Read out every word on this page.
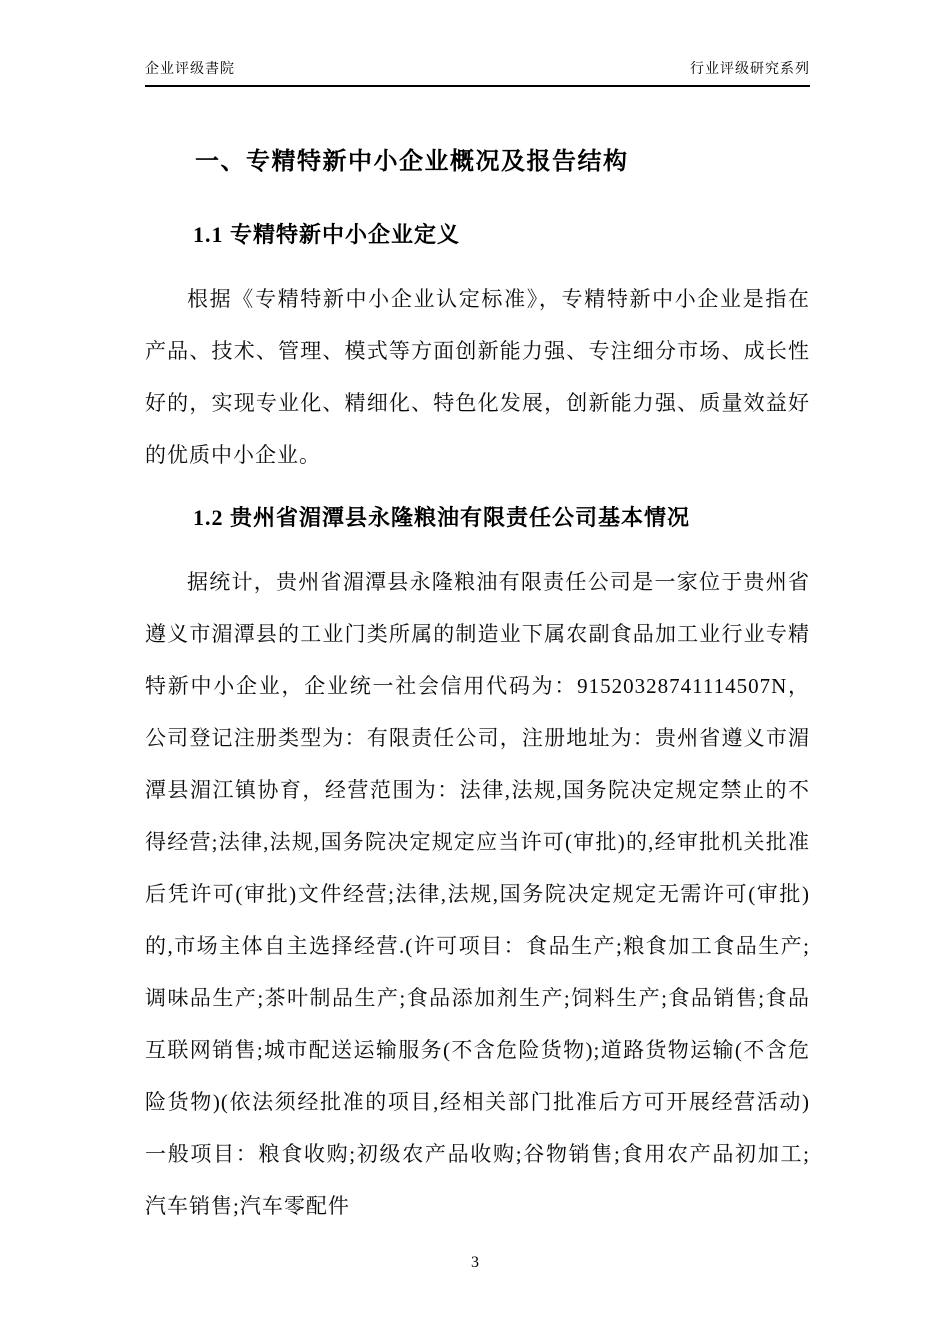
企业评级書院	行业评级研究系列
一、专精特新中小企业概况及报告结构
1.1 专精特新中小企业定义

根据《专精特新中小企业认定标准》，专精特新中小企业是指在产品、技术、管理、模式等方面创新能力强、专注细分市场、成长性好的，实现专业化、精细化、特色化发展，创新能力强、质量效益好的优质中小企业。

1.2 贵州省湄潭县永隆粮油有限责任公司基本情况

据统计，贵州省湄潭县永隆粮油有限责任公司是一家位于贵州省遵义市湄潭县的工业门类所属的制造业下属农副食品加工业行业专精特新中小企业，企业统一社会信用代码为：91520328741114507N，公司登记注册类型为：有限责任公司，注册地址为：贵州省遵义市湄潭县湄江镇协育，经营范围为：法律,法规,国务院决定规定禁止的不得经营;法律,法规,国务院决定规定应当许可(审批)的,经审批机关批准后凭许可(审批)文件经营;法律,法规,国务院决定规定无需许可(审批)的,市场主体自主选择经营.(许可项目：食品生产;粮食加工食品生产;调味品生产;茶叶制品生产;食品添加剂生产;饲料生产;食品销售;食品互联网销售;城市配送运输服务(不含危险货物);道路货物运输(不含危险货物)(依法须经批准的项目,经相关部门批准后方可开展经营活动)一般项目：粮食收购;初级农产品收购;谷物销售;食用农产品初加工;汽车销售;汽车零配件

3
